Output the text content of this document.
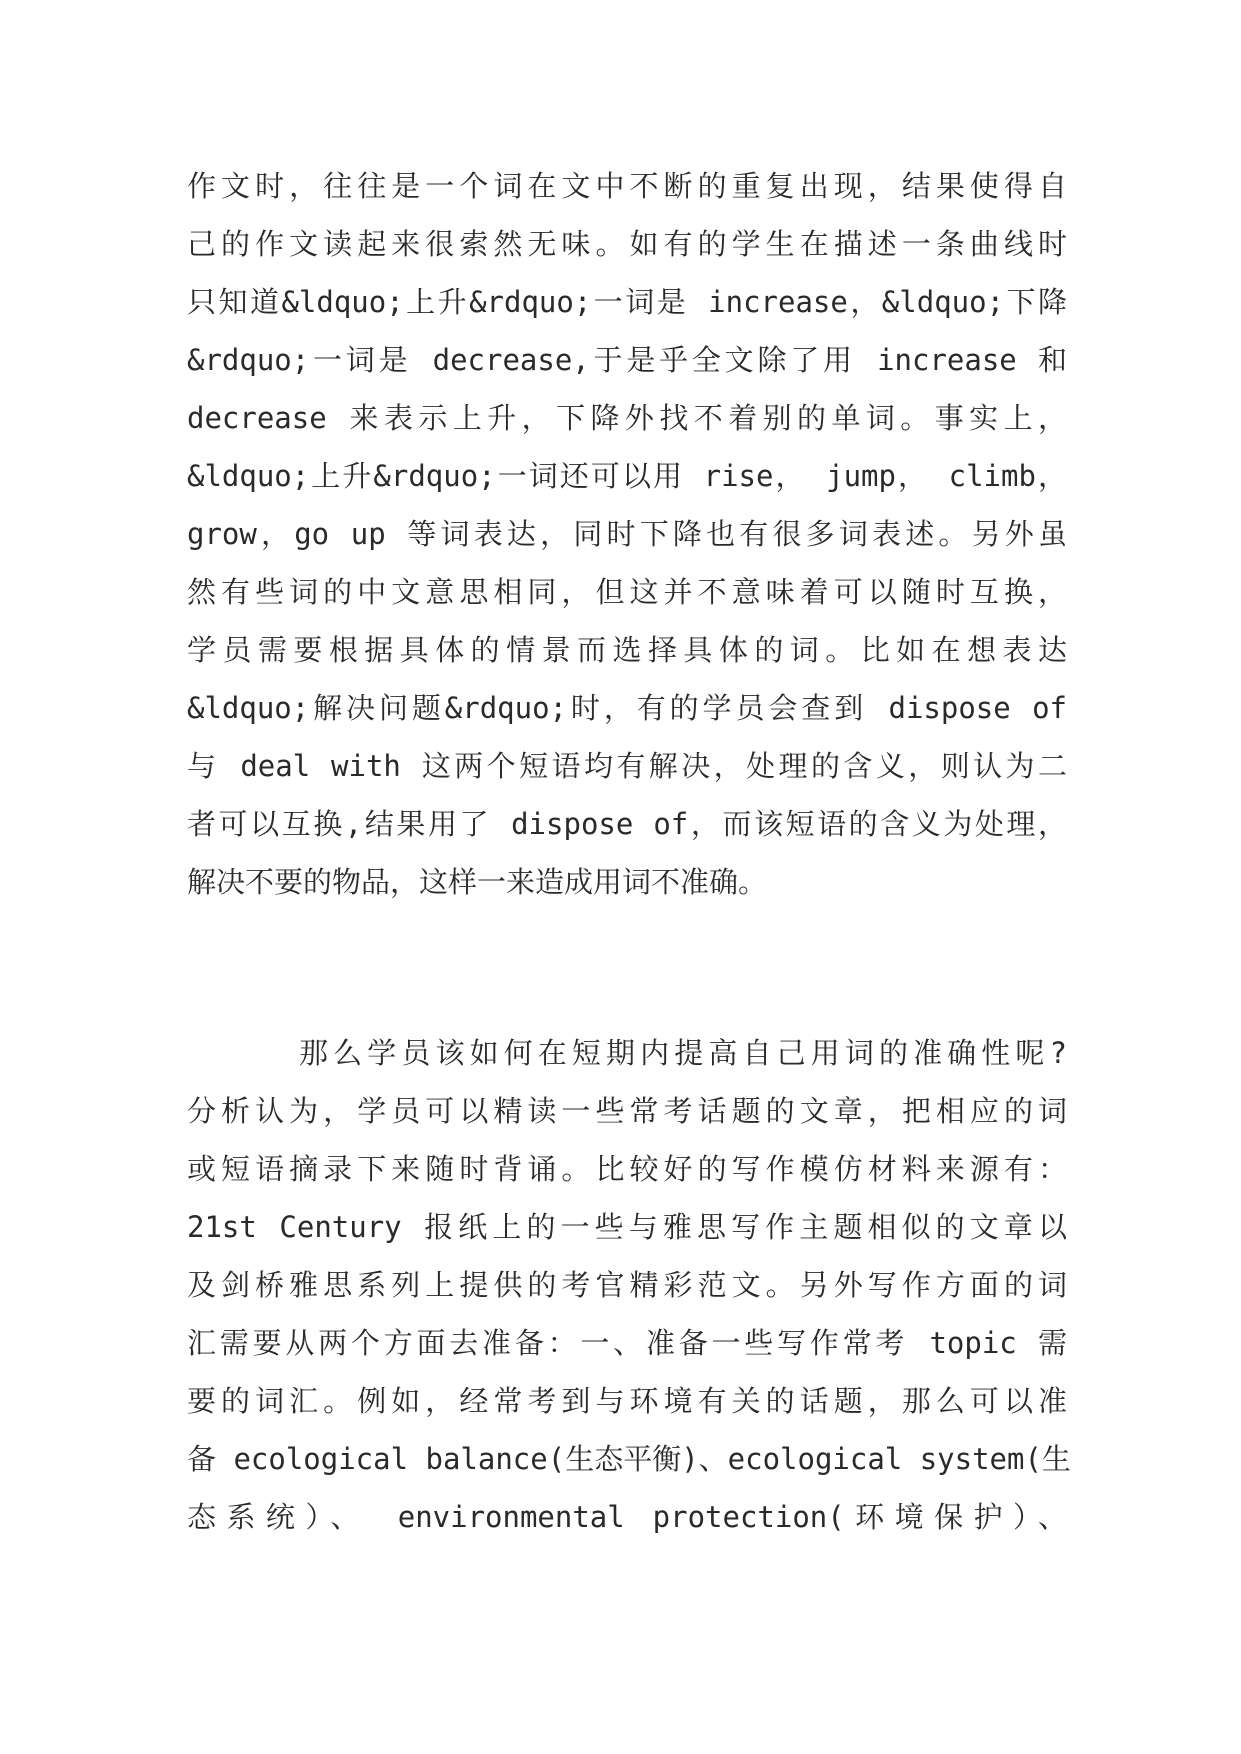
作文时，往往是一个词在文中不断的重复出现，结果使得自
己的作文读起来很索然无味。如有的学生在描述一条曲线时
只知道&ldquo;上升&rdquo;一词是 increase，&ldquo;下降
&rdquo;一词是 decrease,于是乎全文除了用 increase 和
decrease 来表示上升，下降外找不着别的单词。事实上，
&ldquo;上升&rdquo;一词还可以用 rise， jump， climb，
grow，go up 等词表达，同时下降也有很多词表述。另外虽
然有些词的中文意思相同，但这并不意味着可以随时互换，
学员需要根据具体的情景而选择具体的词。比如在想表达
&ldquo;解决问题&rdquo;时，有的学员会查到 dispose of
与 deal with 这两个短语均有解决，处理的含义，则认为二
者可以互换,结果用了 dispose of，而该短语的含义为处理，
解决不要的物品，这样一来造成用词不准确。
那么学员该如何在短期内提高自己用词的准确性呢?
分析认为，学员可以精读一些常考话题的文章，把相应的词
或短语摘录下来随时背诵。比较好的写作模仿材料来源有：
21st Century 报纸上的一些与雅思写作主题相似的文章以
及剑桥雅思系列上提供的考官精彩范文。另外写作方面的词
汇需要从两个方面去准备：一、准备一些写作常考 topic 需
要的词汇。例如，经常考到与环境有关的话题，那么可以准
备 ecological balance(生态平衡)、ecological system(生
态系统）、 environmental protection(环境保护）、
